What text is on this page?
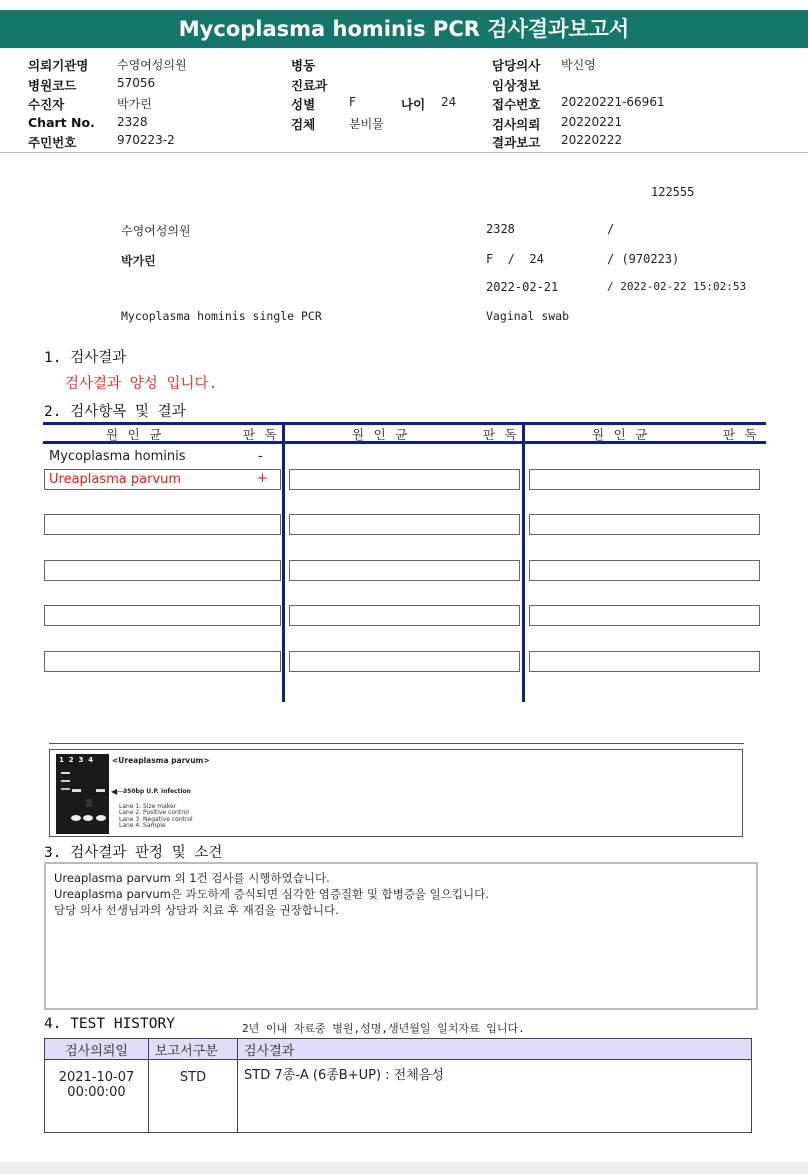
Mycoplasma hominis PCR 검사결과보고서
의뢰기관명 수영여성의원
병원코드	57056
수진자	박가린
Chart No. 2328
주민번호	970223-2
병동
진료과
성별	F	나이 24
검체	분비물
담당의사 박신영
임상정보
접수번호 20220221-66961
검사의뢰 20220221
결과보고 20220222
122555
수영여성의원	2328	/
박가린	F  /  24	/ (970223)
2022-02-21	/ 2022-02-22 15:02:53
Mycoplasma hominis single PCR	Vaginal swab
1. 검사결과
검사결과 양성 입니다.
2. 검사항목 및 결과
원 인 균	판 독	원 인 균	판 독	원 인 균	판 독
Mycoplasma hominis	-
Ureaplasma parvum	+
1  2  3  4	<Ureaplasma parvum>
◀—
350bp U.P. infection
Lane 1. Size maker
Lane 2. Positive control
Lane 3. Negative control
Lane 4. Sample
3. 검사결과 판정 및 소견
Ureaplasma parvum 외 1건 검사를 시행하였습니다.
Ureaplasma parvum은 과도하게 증식되면 심각한 염증질환 및 합병증을 일으킵니다.
담당 의사 선생님과의 상담과 치료 후 재검을 권장합니다.
4. TEST HISTORY	2년 이내 자료중 병원,성명,생년월일 일치자료 입니다.
검사의뢰일	보고서구분	검사결과

2021-10-07
00:00:00	STD	STD 7종-A (6종B+UP) : 전체음성
